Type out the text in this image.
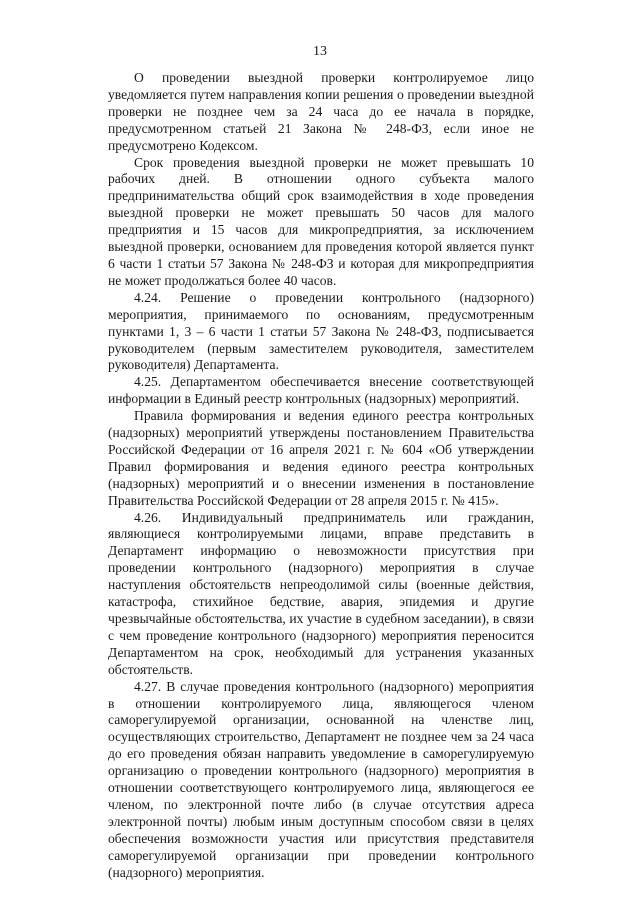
13

О проведении выездной проверки контролируемое лицо уведомляется путем направления копии решения о проведении выездной проверки не позднее чем за 24 часа до ее начала в порядке, предусмотренном статьей 21 Закона № 248-ФЗ, если иное не предусмотрено Кодексом.

Срок проведения выездной проверки не может превышать 10 рабочих дней. В отношении одного субъекта малого предпринимательства общий срок взаимодействия в ходе проведения выездной проверки не может превышать 50 часов для малого предприятия и 15 часов для микропредприятия, за исключением выездной проверки, основанием для проведения которой является пункт 6 части 1 статьи 57 Закона № 248-ФЗ и которая для микропредприятия не может продолжаться более 40 часов.

4.24. Решение о проведении контрольного (надзорного) мероприятия, принимаемого по основаниям, предусмотренным пунктами 1, 3 – 6 части 1 статьи 57 Закона № 248-ФЗ, подписывается руководителем (первым заместителем руководителя, заместителем руководителя) Департамента.

4.25. Департаментом обеспечивается внесение соответствующей информации в Единый реестр контрольных (надзорных) мероприятий.

Правила формирования и ведения единого реестра контрольных (надзорных) мероприятий утверждены постановлением Правительства Российской Федерации от 16 апреля 2021 г. № 604 «Об утверждении Правил формирования и ведения единого реестра контрольных (надзорных) мероприятий и о внесении изменения в постановление Правительства Российской Федерации от 28 апреля 2015 г. № 415».

4.26. Индивидуальный предприниматель или гражданин, являющиеся контролируемыми лицами, вправе представить в Департамент информацию о невозможности присутствия при проведении контрольного (надзорного) мероприятия в случае наступления обстоятельств непреодолимой силы (военные действия, катастрофа, стихийное бедствие, авария, эпидемия и другие чрезвычайные обстоятельства, их участие в судебном заседании), в связи с чем проведение контрольного (надзорного) мероприятия переносится Департаментом на срок, необходимый для устранения указанных обстоятельств.

4.27. В случае проведения контрольного (надзорного) мероприятия в отношении контролируемого лица, являющегося членом саморегулируемой организации, основанной на членстве лиц, осуществляющих строительство, Департамент не позднее чем за 24 часа до его проведения обязан направить уведомление в саморегулируемую организацию о проведении контрольного (надзорного) мероприятия в отношении соответствующего контролируемого лица, являющегося ее членом, по электронной почте либо (в случае отсутствия адреса электронной почты) любым иным доступным способом связи в целях обеспечения возможности участия или присутствия представителя саморегулируемой организации при проведении контрольного (надзорного) мероприятия.
